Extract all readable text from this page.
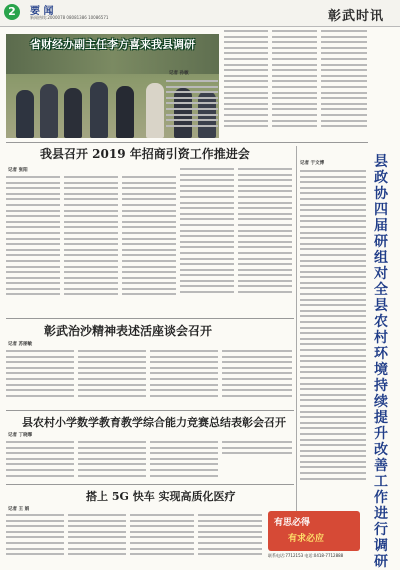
2	要 闻
新闻热线:2000078 08081386 10086571	彰武时讯
省财经办副主任李方喜来我县调研
记者 孙敏
我县召开 2019 年招商引资工作推进会
记者 张阳
记者 于文博	县政协四届研组对全县农村环境持续提升改善工作进行调研
彰武治沙精神表述活座谈会召开
记者 苏丽敏
县农村小学数学教育教学综合能力竞赛总结表彰会召开
记者 丁晓霏
搭上 5G 快车 实现高质化医疗
记者 王 娟
有思必得
有求必应
联系电话:7712153 电话:0418-7712888
